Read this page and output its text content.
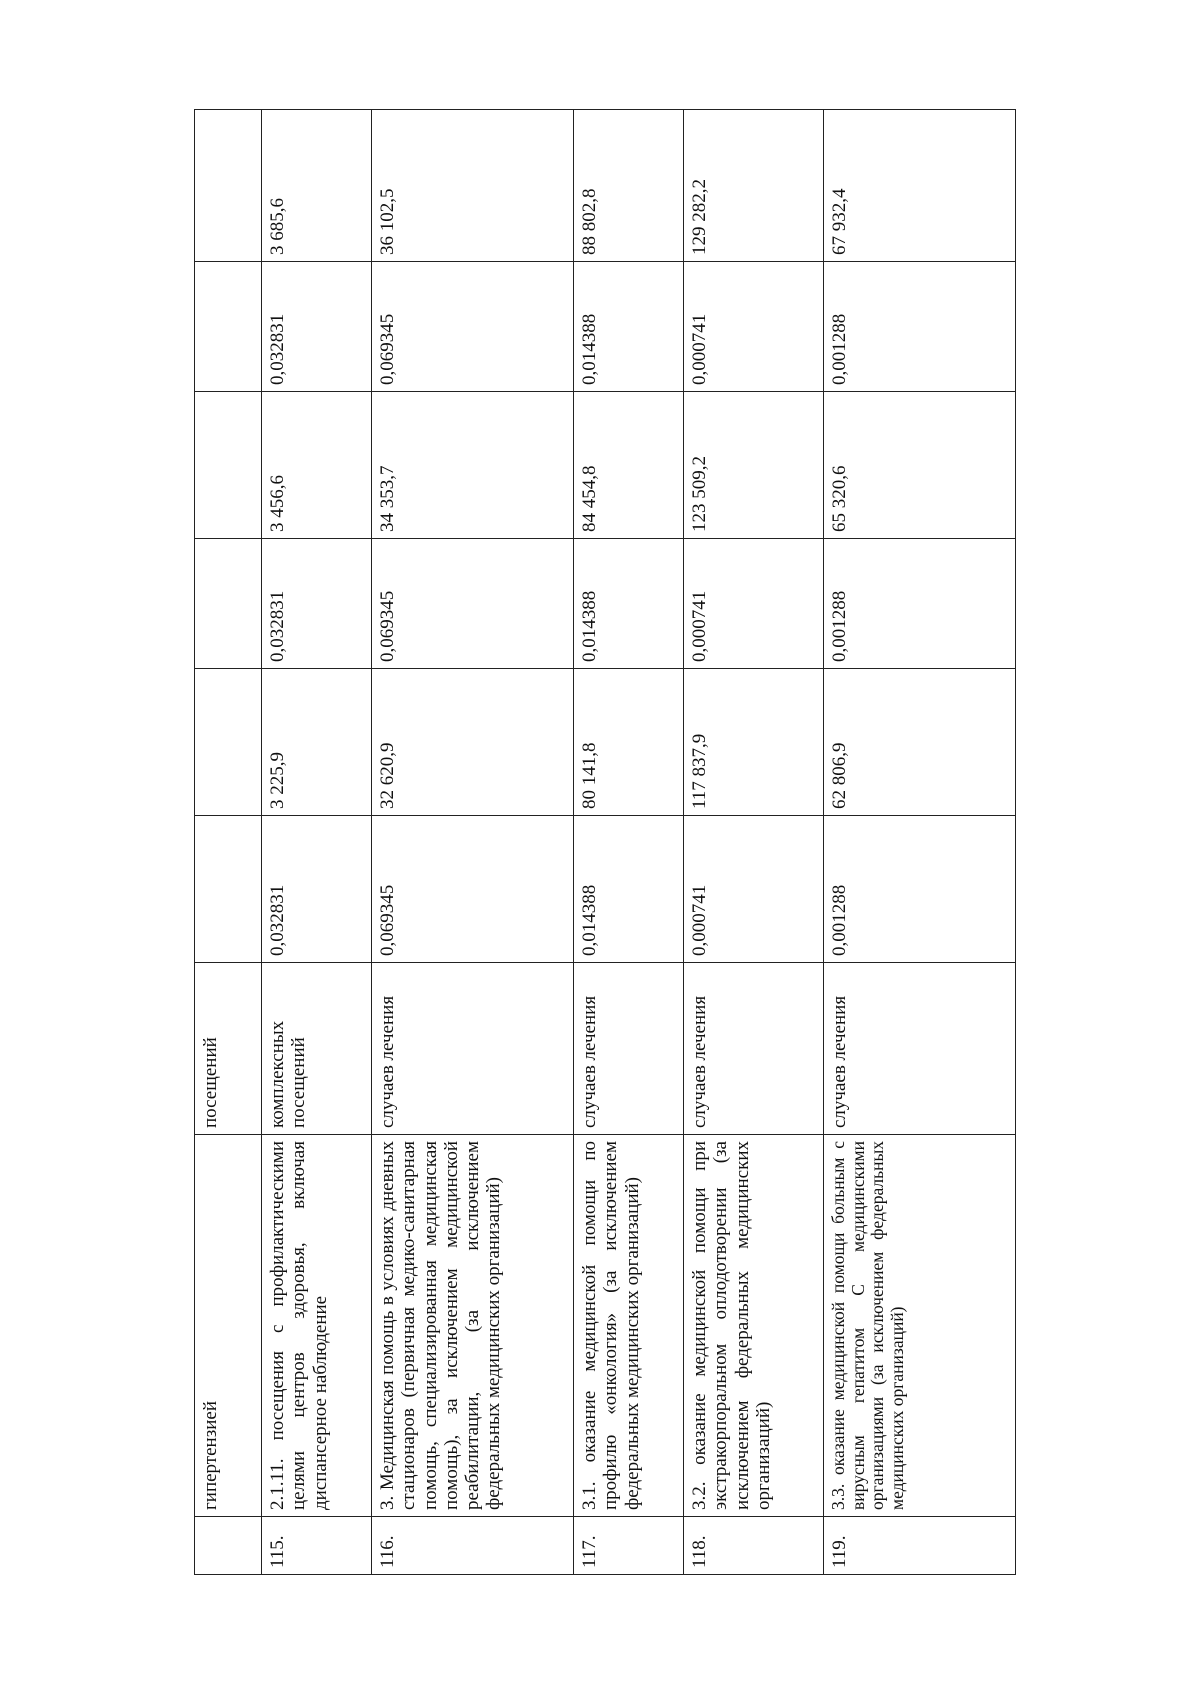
	гипертензией	посещений						
115.	2.1.11. посещения с профилактическими целями центров здоровья, включая диспансерное наблюдение	комплексных посещений	0,032831	3 225,9	0,032831	3 456,6	0,032831	3 685,6
116.	3. Медицинская помощь в условиях дневных стационаров (первичная медико-санитарная помощь, специализированная медицинская помощь), за исключением медицинской реабилитации, (за исключением федеральных медицинских организаций)	случаев лечения	0,069345	32 620,9	0,069345	34 353,7	0,069345	36 102,5
117.	3.1. оказание медицинской помощи по профилю «онкология» (за исключением федеральных медицинских организаций)	случаев лечения	0,014388	80 141,8	0,014388	84 454,8	0,014388	88 802,8
118.	3.2. оказание медицинской помощи при экстракорпоральном оплодотворении (за исключением федеральных медицинских организаций)	случаев лечения	0,000741	117 837,9	0,000741	123 509,2	0,000741	129 282,2
119.	3.3. оказание медицинской помощи больным с вирусным гепатитом С медицинскими организациями (за исключением федеральных медицинских организаций)	случаев лечения	0,001288	62 806,9	0,001288	65 320,6	0,001288	67 932,4
